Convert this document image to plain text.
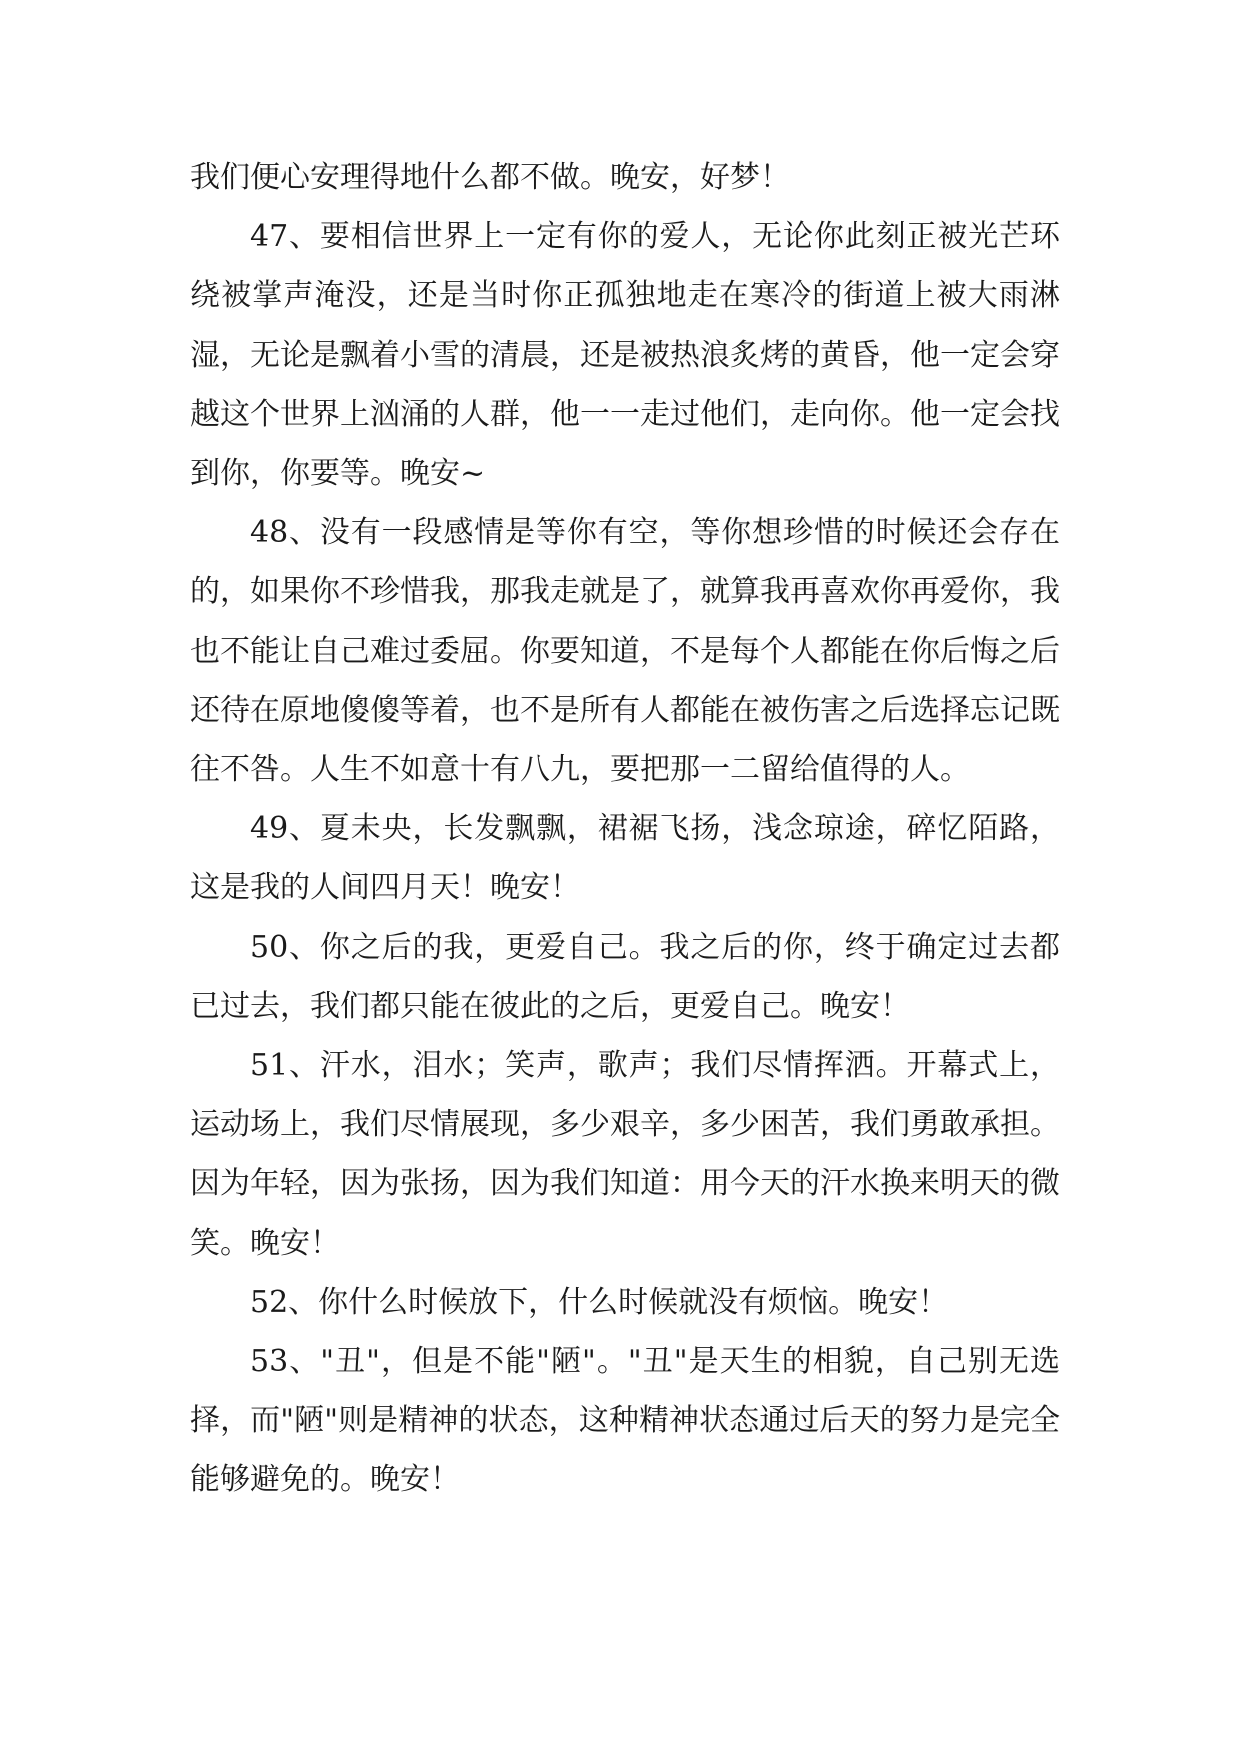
我们便心安理得地什么都不做。晚安，好梦！

47、要相信世界上一定有你的爱人，无论你此刻正被光芒环绕被掌声淹没，还是当时你正孤独地走在寒冷的街道上被大雨淋湿，无论是飘着小雪的清晨，还是被热浪炙烤的黄昏，他一定会穿越这个世界上汹涌的人群，他一一走过他们，走向你。他一定会找到你，你要等。晚安~

48、没有一段感情是等你有空，等你想珍惜的时候还会存在的，如果你不珍惜我，那我走就是了，就算我再喜欢你再爱你，我也不能让自己难过委屈。你要知道，不是每个人都能在你后悔之后还待在原地傻傻等着，也不是所有人都能在被伤害之后选择忘记既往不咎。人生不如意十有八九，要把那一二留给值得的人。

49、夏未央，长发飘飘，裙裾飞扬，浅念琼途，碎忆陌路，这是我的人间四月天！晚安！

50、你之后的我，更爱自己。我之后的你，终于确定过去都已过去，我们都只能在彼此的之后，更爱自己。晚安！

51、汗水，泪水；笑声，歌声；我们尽情挥洒。开幕式上，运动场上，我们尽情展现，多少艰辛，多少困苦，我们勇敢承担。因为年轻，因为张扬，因为我们知道：用今天的汗水换来明天的微笑。晚安！

52、你什么时候放下，什么时候就没有烦恼。晚安！

53、"丑"，但是不能"陋"。"丑"是天生的相貌，自己别无选择，而"陋"则是精神的状态，这种精神状态通过后天的努力是完全能够避免的。晚安！
